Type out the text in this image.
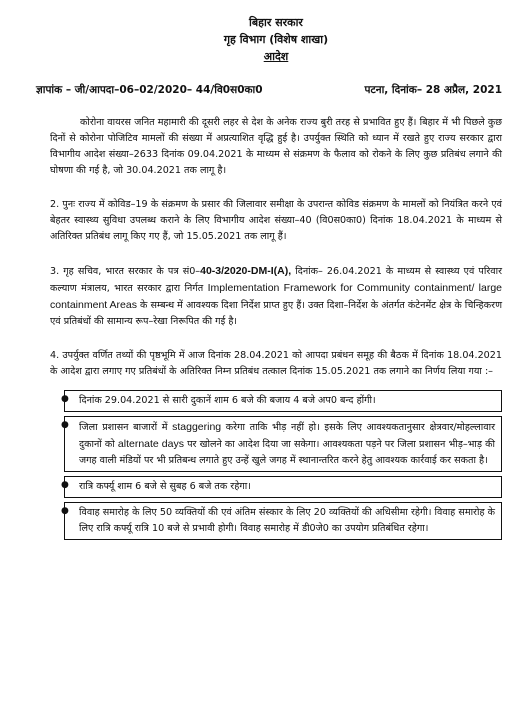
बिहार सरकार
गृह विभाग (विशेष शाखा)
आदेश
ज्ञापांक – जी/आपदा–06–02/2020– 44/वि0स0का0	पटना, दिनांक– 28 अप्रैल, 2021

कोरोना वायरस जनित महामारी की दूसरी लहर से देश के अनेक राज्य बुरी तरह से प्रभावित हुए हैं। बिहार में भी पिछले कुछ दिनों से कोरोना पोजिटिव मामलों की संख्या में अप्रत्याशित वृद्धि हुई है। उपर्युक्त स्थिति को ध्यान में रखते हुए राज्य सरकार द्वारा विभागीय आदेश संख्या–2633 दिनांक 09.04.2021 के माध्यम से संक्रमण के फैलाव को रोकने के लिए कुछ प्रतिबंध लगाने की घोषणा की गई है, जो 30.04.2021 तक लागू है।

2. पुनः राज्य में कोविड–19 के संक्रमण के प्रसार की जिलावार समीक्षा के उपरान्त कोविड संक्रमण के मामलों को नियंत्रित करने एवं बेहतर स्वास्थ्य सुविधा उपलब्ध कराने के लिए विभागीय आदेश संख्या–40 (वि0स0का0) दिनांक 18.04.2021 के माध्यम से अतिरिक्त प्रतिबंध लागू किए गए हैं, जो 15.05.2021 तक लागू हैं।

3. गृह सचिव, भारत सरकार के पत्र सं0–40-3/2020-DM-I(A), दिनांक– 26.04.2021 के माध्यम से स्वास्थ्य एवं परिवार कल्याण मंत्रालय, भारत सरकार द्वारा निर्गत Implementation Framework for Community containment/ large containment Areas के सम्बन्ध में आवश्यक दिशा निर्देश प्राप्त हुए हैं। उक्त दिशा–निर्देश के अंतर्गत कंटेनमेंट क्षेत्र के चिन्हिकरण एवं प्रतिबंधों की सामान्य रूप–रेखा निरूपित की गई है।

4. उपर्युक्त वर्णित तथ्यों की पृष्ठभूमि में आज दिनांक 28.04.2021 को आपदा प्रबंधन समूह की बैठक में दिनांक 18.04.2021 के आदेश द्वारा लगाए गए प्रतिबंधों के अतिरिक्त निम्न प्रतिबंध तत्काल दिनांक 15.05.2021 तक लगाने का निर्णय लिया गया :–

● दिनांक 29.04.2021 से सारी दुकानें शाम 6 बजे की बजाय 4 बजे अप0 बन्द होंगी।
● जिला प्रशासन बाजारों में staggering करेगा ताकि भीड़ नहीं हो। इसके लिए आवश्यकतानुसार क्षेत्रवार/मोहल्लावार दुकानों को alternate days पर खोलने का आदेश दिया जा सकेगा। आवश्यकता पड़ने पर जिला प्रशासन भीड़–भाड़ की जगह वाली मंडियों पर भी प्रतिबन्ध लगाते हुए उन्हें खुले जगह में स्थानान्तरित करने हेतु आवश्यक कार्रवाई कर सकता है।
● रात्रि कर्फ्यू शाम 6 बजे से सुबह 6 बजे तक रहेगा।
● विवाह समारोह के लिए 50 व्यक्तियों की एवं अंतिम संस्कार के लिए 20 व्यक्तियों की अधिसीमा रहेगी। विवाह समारोह के लिए रात्रि कर्फ्यू रात्रि 10 बजे से प्रभावी होगी। विवाह समारोह में डी0जे0 का उपयोग प्रतिबंधित रहेगा।
